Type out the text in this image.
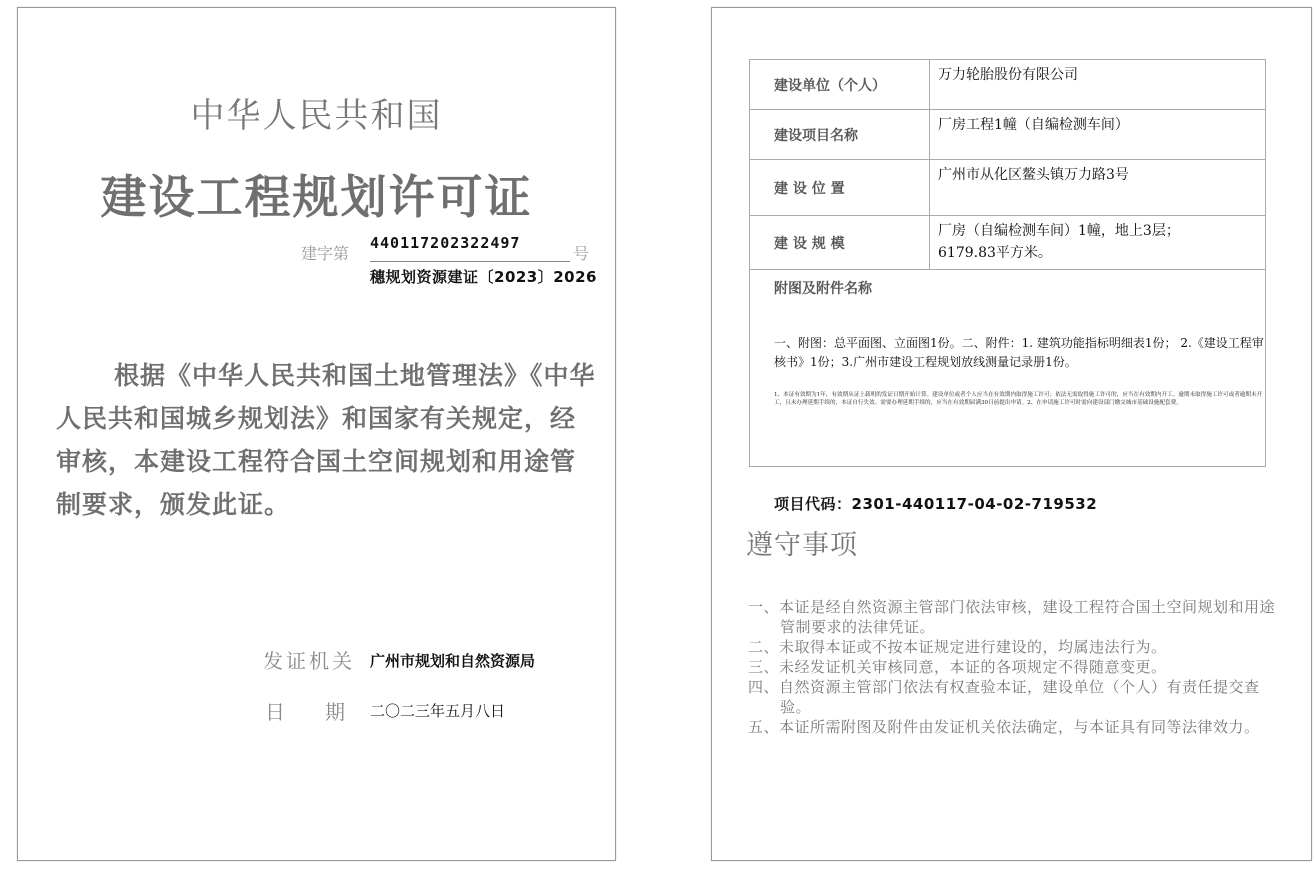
中华人民共和国
建设工程规划许可证
建字第
440117202322497
号
穗规划资源建证〔2023〕2026
根据《中华人民共和国土地管理法》《中华人民共和国城乡规划法》和国家有关规定，经审核，本建设工程符合国土空间规划和用途管制要求，颁发此证。
发证机关 广州市规划和自然资源局
日 期 二〇二三年五月八日
建设单位（个人）	万力轮胎股份有限公司
建设项目名称	厂房工程1幢（自编检测车间）
建 设 位 置	广州市从化区鳌头镇万力路3号
建 设 规 模	厂房（自编检测车间）1幢，地上3层；
6179.83平方米。

附图及附件名称
一、附图：总平面图、立面图1份。二、附件：1. 建筑功能指标明细表1份； 2.《建设工程审核书》1份；3.广州市建设工程规划放线测量记录册1份。
1、本证有效期为1年，有效期从证上载明的发证日期开始计算。建设单位或者个人应当在有效期内取得施工许可；依法无需取得施工许可的，应当在有效期内开工。逾期未取得施工许可或者逾期未开工，且未办理延期手续的，本证自行失效。需要办理延期手续的，应当在有效期届满30日前提出申请。2、在申请施工许可时需向建设部门缴交城市基础设施配套费。	
项目代码：2301-440117-04-02-719532
遵守事项

一、本证是经自然资源主管部门依法审核，建设工程符合国土空间规划和用途管制要求的法律凭证。

二、未取得本证或不按本证规定进行建设的，均属违法行为。

三、未经发证机关审核同意，本证的各项规定不得随意变更。

四、自然资源主管部门依法有权查验本证，建设单位（个人）有责任提交查验。

五、本证所需附图及附件由发证机关依法确定，与本证具有同等法律效力。
